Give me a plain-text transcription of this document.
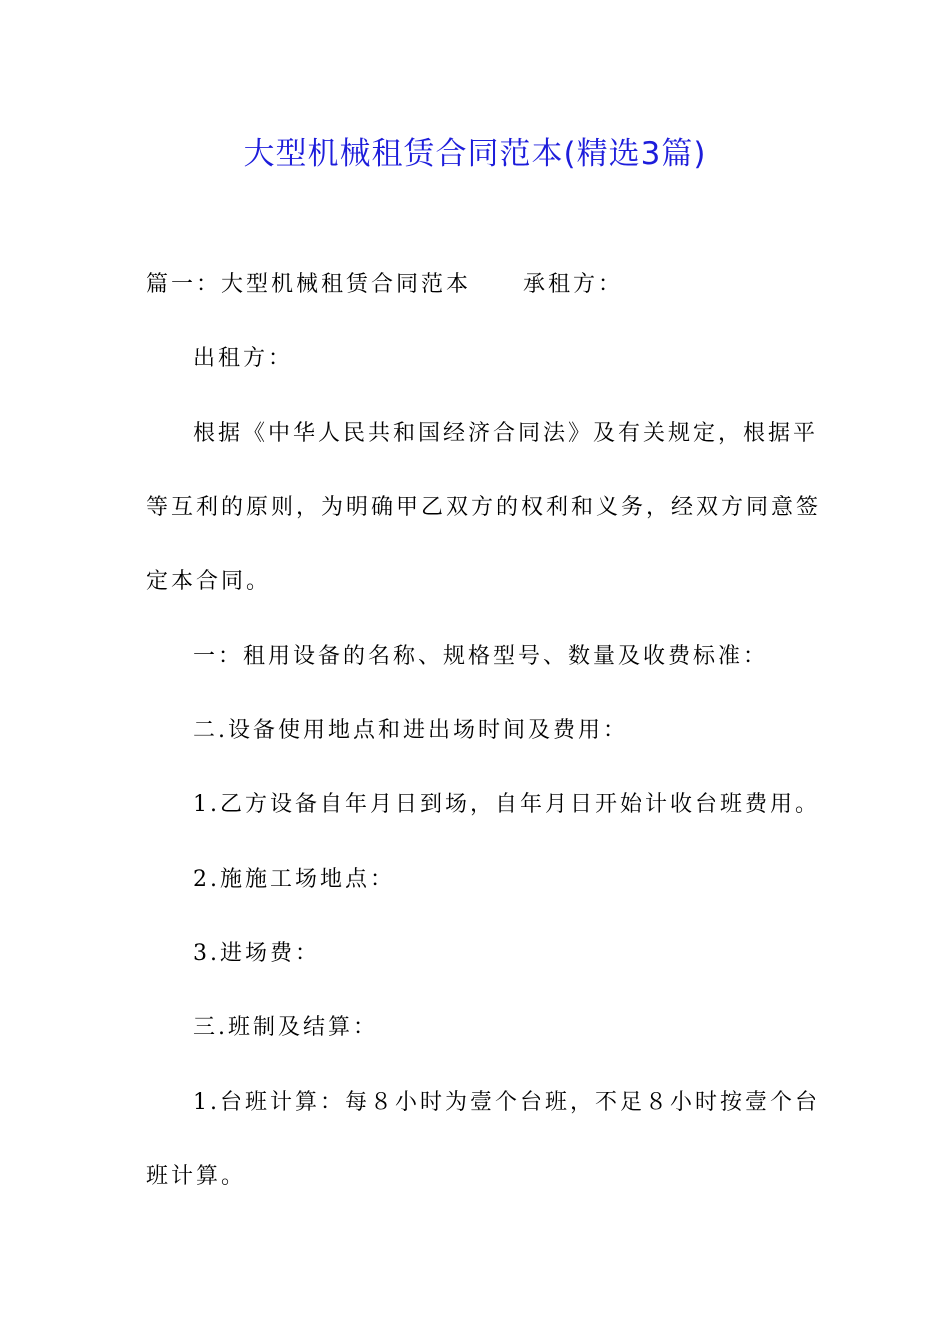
大型机械租赁合同范本(精选3篇)
篇一：大型机械租赁合同范本 承租方：
出租方：
根据《中华人民共和国经济合同法》及有关规定，根据平
等互利的原则，为明确甲乙双方的权利和义务，经双方同意签
定本合同。
一：租用设备的名称、规格型号、数量及收费标准：
二.设备使用地点和进出场时间及费用：
1.乙方设备自年月日到场，自年月日开始计收台班费用。
2.施施工场地点：
3.进场费：
三.班制及结算：
1.台班计算：每８小时为壹个台班，不足８小时按壹个台
班计算。
